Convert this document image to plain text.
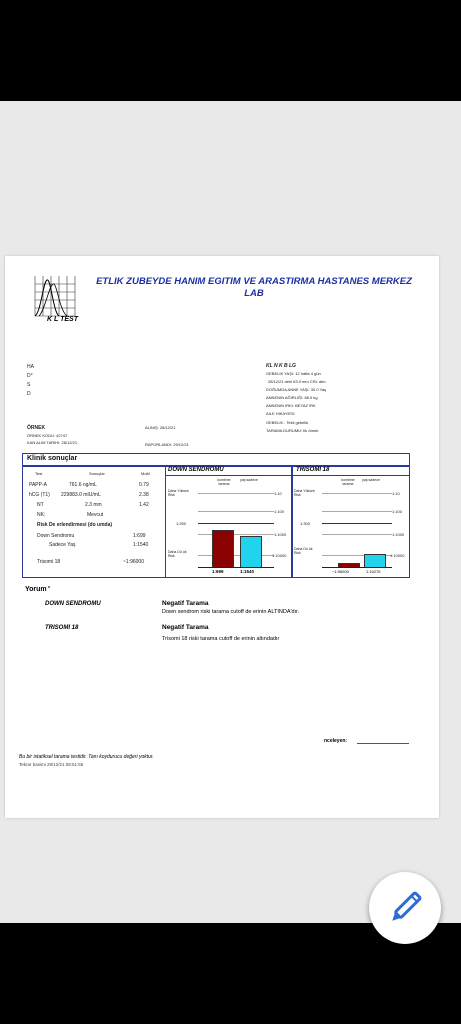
K L TEST
ETLIK ZUBEYDE HANIM EGITIM VE ARASTIRMA HASTANES MERKEZ
LAB
HA
D°
S
D
KL N K B LG
GEBELIK YAŞI: 12 hafta 4 gün
28/12/21 deki 63.0 mm CRL den.
DOĞUMDA ANNE YAŞI: 30.0 Yaş
ANNENIN AĞIRLIĞI: 68.0 kg
ANNENIN IRKI: BEYAZ IRK
AILE HIKAYESI:
GEBELIK : Tekil gebelik
TARAMA DURUMU: Ilk örnek
ÖRNEK
ÖRNEK KODU: 42747
KAN ALIM TARIHI: 28/12/21
ALINIŞ: 28/12/21
RAPORLANDI: 29/12/21
Klinik sonuçlar
Test	Sonuçlar	MoM
PAPP-A	761.6 ng/mL	0.79
hCG (T1) 229883.0 mIU/mL	2.38
NT	2.3 mm	1.42
NK:	Mevcut
Risk De erlendirmesi (do umda)
Down Sendromu	1:699
Sadece Yaş	1:1540
Trisomi 18	~1:96000
DOWN SENDROMU
kombine tarama
yaş sadece
Daha Yüksek Risk
Daha Dü ük Risk
1:10
1:100
1:250
1:1000
1:10000
1:699	1:1540
TRISOMI 18
kombine tarama
yaş sadece
Daha Yüksek Risk
Daha Dü ük Risk
1:10
1:100
1:300
1:1000
1:10000
~1:96000	1:15275
Yorum *
DOWN SENDROMU	Negatif Tarama
Down sendrom riski tarama cutoff de erinin ALTINDA'dır.
TRISOMI 18	Negatif Tarama
Trisomi 18 riski tarama cutoff de erinin altındadır
nceleyen:
Bu bir istatiksel tarama testidir. Tanı koydurucu değeri yoktur.
Tekrar basimi 29/12/21 08:51:55
